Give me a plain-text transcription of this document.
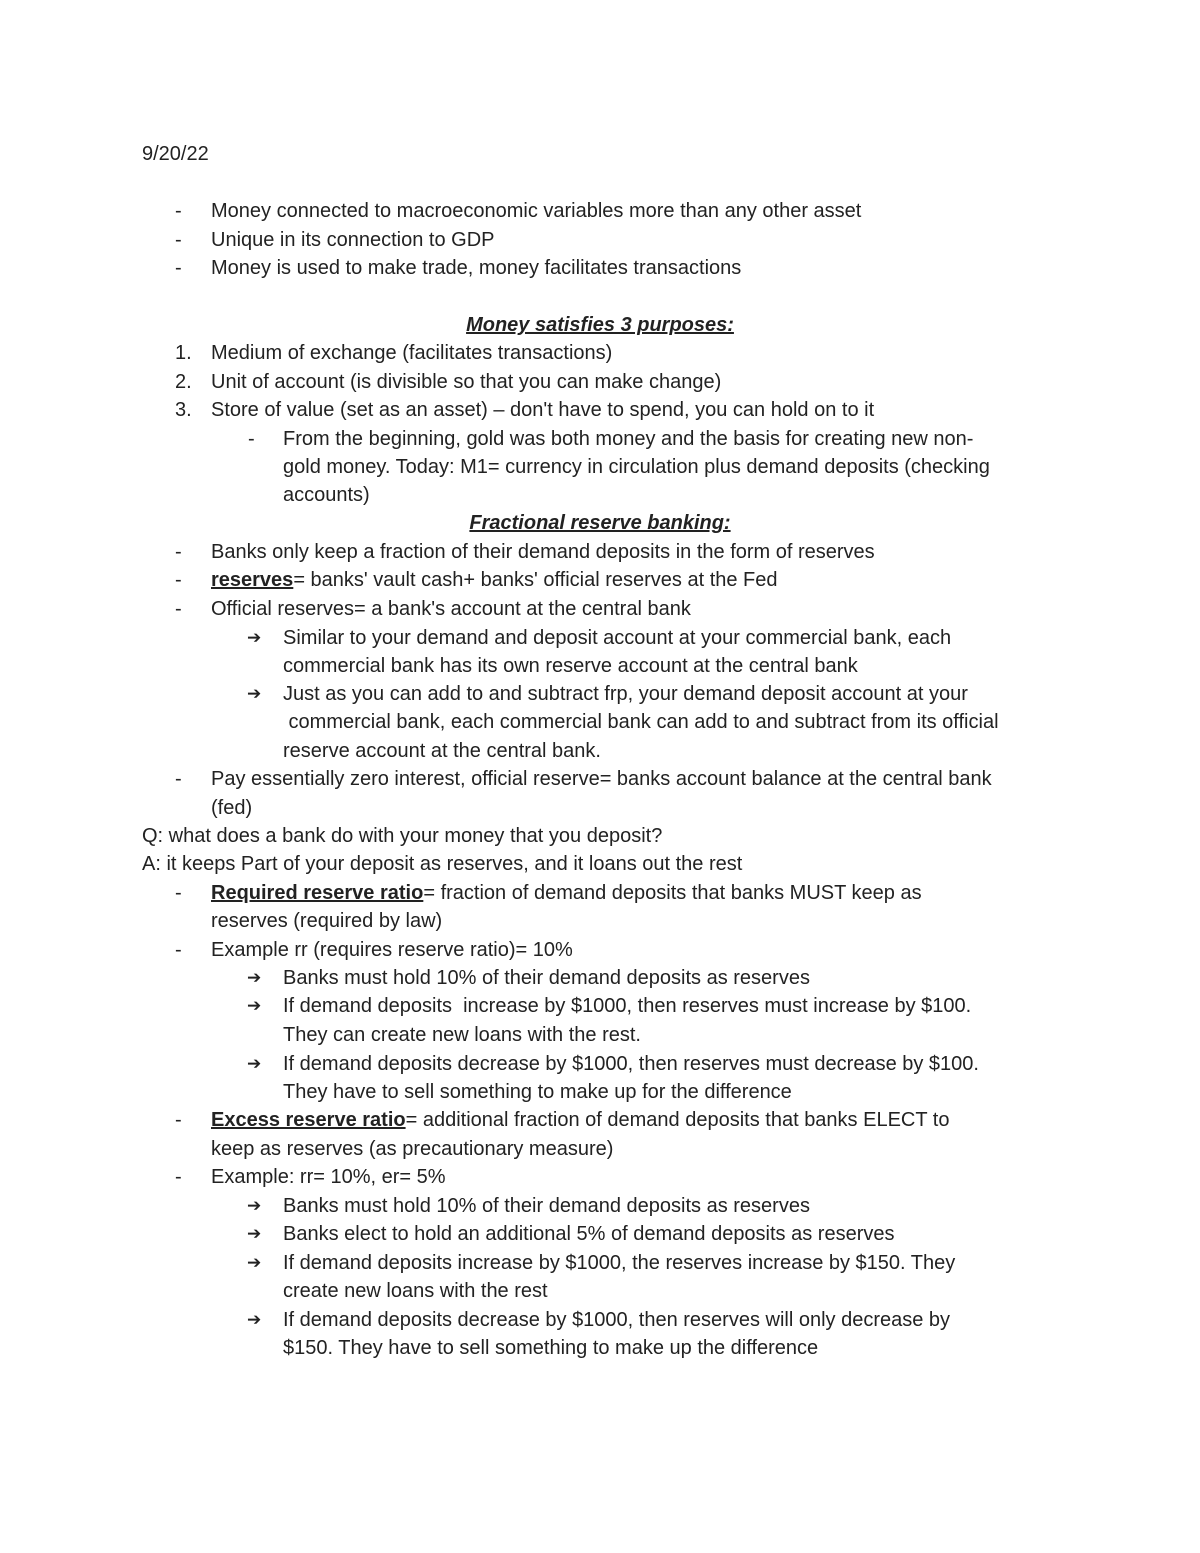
9/20/22
- Money connected to macroeconomic variables more than any other asset
- Unique in its connection to GDP
- Money is used to make trade, money facilitates transactions
Money satisfies 3 purposes:
1. Medium of exchange (facilitates transactions)
2. Unit of account (is divisible so that you can make change)
3. Store of value (set as an asset) – don't have to spend, you can hold on to it
- From the beginning, gold was both money and the basis for creating new non-
gold money. Today: M1= currency in circulation plus demand deposits (checking
accounts)
Fractional reserve banking:
- Banks only keep a fraction of their demand deposits in the form of reserves
- reserves= banks' vault cash+ banks' official reserves at the Fed
- Official reserves= a bank's account at the central bank
➔ Similar to your demand and deposit account at your commercial bank, each
commercial bank has its own reserve account at the central bank
➔ Just as you can add to and subtract frp, your demand deposit account at your
commercial bank, each commercial bank can add to and subtract from its official
reserve account at the central bank.
- Pay essentially zero interest, official reserve= banks account balance at the central bank
(fed)
Q: what does a bank do with your money that you deposit?
A: it keeps Part of your deposit as reserves, and it loans out the rest
- Required reserve ratio= fraction of demand deposits that banks MUST keep as
reserves (required by law)
- Example rr (requires reserve ratio)= 10%
➔ Banks must hold 10% of their demand deposits as reserves
➔ If demand deposits  increase by $1000, then reserves must increase by $100.
They can create new loans with the rest.
➔ If demand deposits decrease by $1000, then reserves must decrease by $100.
They have to sell something to make up for the difference
- Excess reserve ratio= additional fraction of demand deposits that banks ELECT to
keep as reserves (as precautionary measure)
- Example: rr= 10%, er= 5%
➔ Banks must hold 10% of their demand deposits as reserves
➔ Banks elect to hold an additional 5% of demand deposits as reserves
➔ If demand deposits increase by $1000, the reserves increase by $150. They
create new loans with the rest
➔ If demand deposits decrease by $1000, then reserves will only decrease by
$150. They have to sell something to make up the difference
